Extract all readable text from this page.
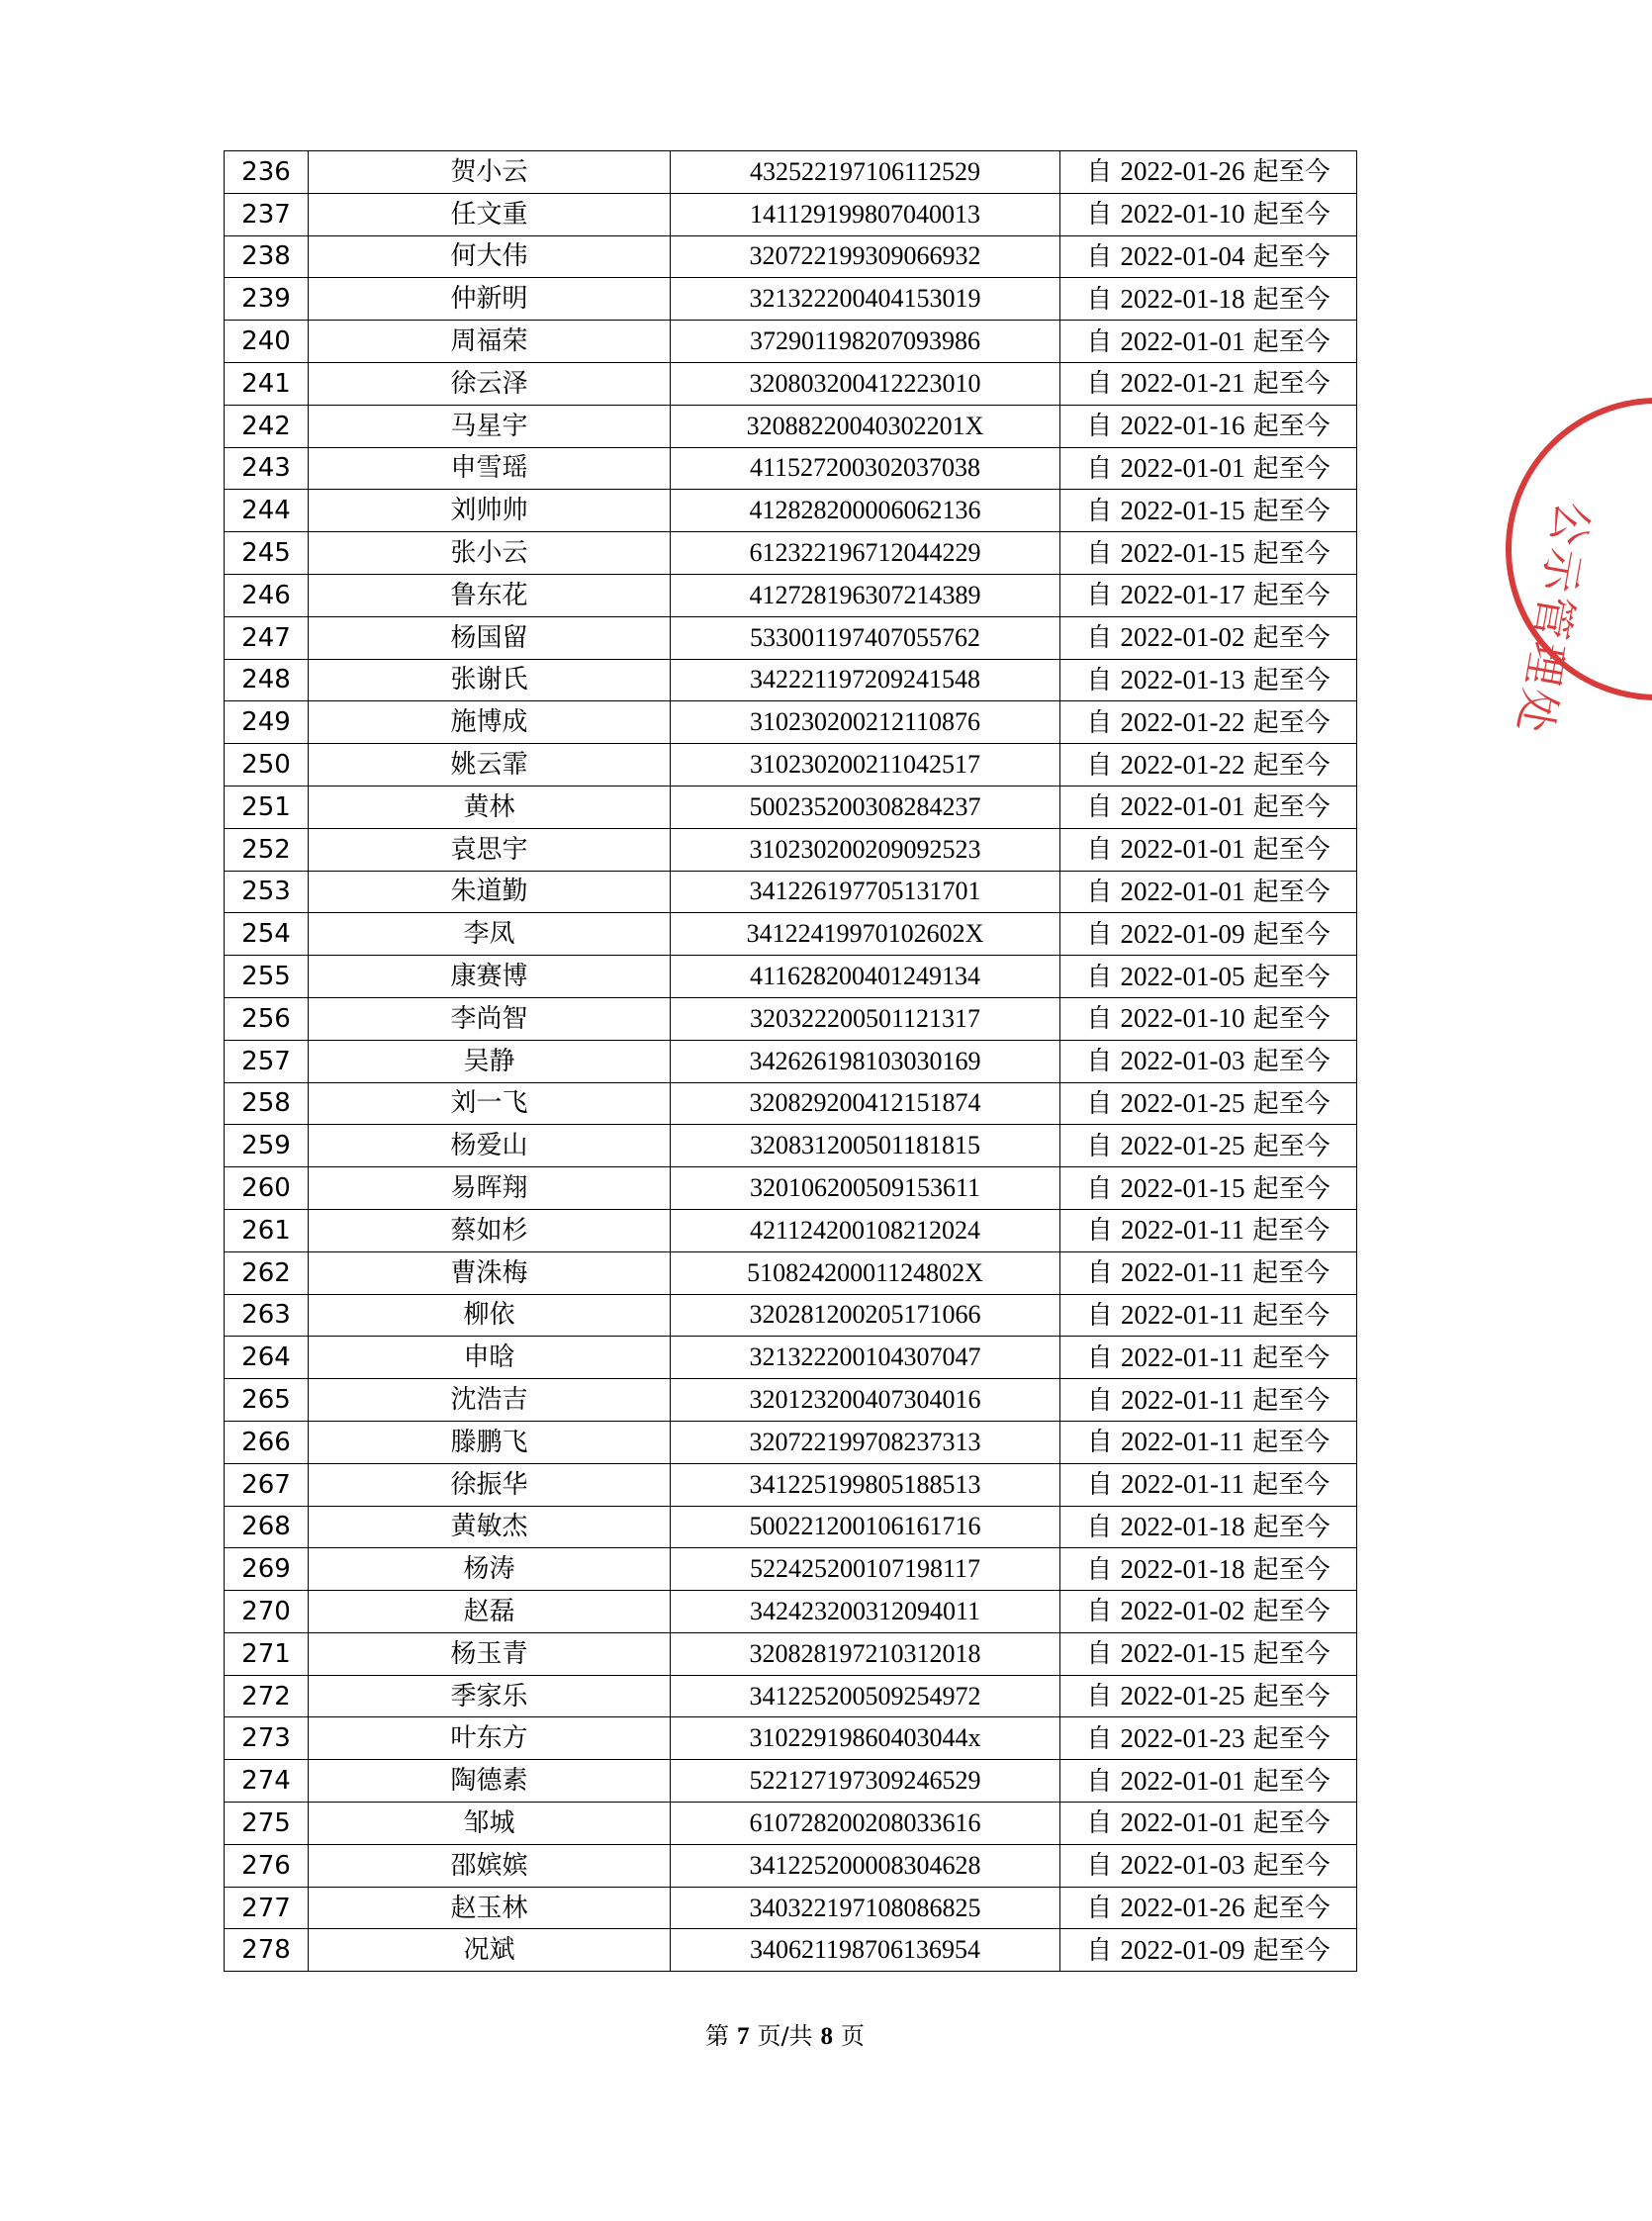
236	贺小云	432522197106112529	自 2022-01-26 起至今
237	任文重	141129199807040013	自 2022-01-10 起至今
238	何大伟	320722199309066932	自 2022-01-04 起至今
239	仲新明	321322200404153019	自 2022-01-18 起至今
240	周福荣	372901198207093986	自 2022-01-01 起至今
241	徐云泽	320803200412223010	自 2022-01-21 起至今
242	马星宇	32088220040302201X	自 2022-01-16 起至今
243	申雪瑶	411527200302037038	自 2022-01-01 起至今
244	刘帅帅	412828200006062136	自 2022-01-15 起至今
245	张小云	612322196712044229	自 2022-01-15 起至今
246	鲁东花	412728196307214389	自 2022-01-17 起至今
247	杨国留	533001197407055762	自 2022-01-02 起至今
248	张谢氏	342221197209241548	自 2022-01-13 起至今
249	施博成	310230200212110876	自 2022-01-22 起至今
250	姚云霏	310230200211042517	自 2022-01-22 起至今
251	黄林	500235200308284237	自 2022-01-01 起至今
252	袁思宇	310230200209092523	自 2022-01-01 起至今
253	朱道勤	341226197705131701	自 2022-01-01 起至今
254	李凤	34122419970102602X	自 2022-01-09 起至今
255	康赛博	411628200401249134	自 2022-01-05 起至今
256	李尚智	320322200501121317	自 2022-01-10 起至今
257	吴静	342626198103030169	自 2022-01-03 起至今
258	刘一飞	320829200412151874	自 2022-01-25 起至今
259	杨爱山	320831200501181815	自 2022-01-25 起至今
260	易晖翔	320106200509153611	自 2022-01-15 起至今
261	蔡如杉	421124200108212024	自 2022-01-11 起至今
262	曹洙梅	51082420001124802X	自 2022-01-11 起至今
263	柳依	320281200205171066	自 2022-01-11 起至今
264	申晗	321322200104307047	自 2022-01-11 起至今
265	沈浩吉	320123200407304016	自 2022-01-11 起至今
266	滕鹏飞	320722199708237313	自 2022-01-11 起至今
267	徐振华	341225199805188513	自 2022-01-11 起至今
268	黄敏杰	500221200106161716	自 2022-01-18 起至今
269	杨涛	522425200107198117	自 2022-01-18 起至今
270	赵磊	342423200312094011	自 2022-01-02 起至今
271	杨玉青	320828197210312018	自 2022-01-15 起至今
272	季家乐	341225200509254972	自 2022-01-25 起至今
273	叶东方	31022919860403044x	自 2022-01-23 起至今
274	陶德素	522127197309246529	自 2022-01-01 起至今
275	邹城	610728200208033616	自 2022-01-01 起至今
276	邵嫔嫔	341225200008304628	自 2022-01-03 起至今
277	赵玉林	340322197108086825	自 2022-01-26 起至今
278	况斌	340621198706136954	自 2022-01-09 起至今
第 7 页/共 8 页
公示管理处
